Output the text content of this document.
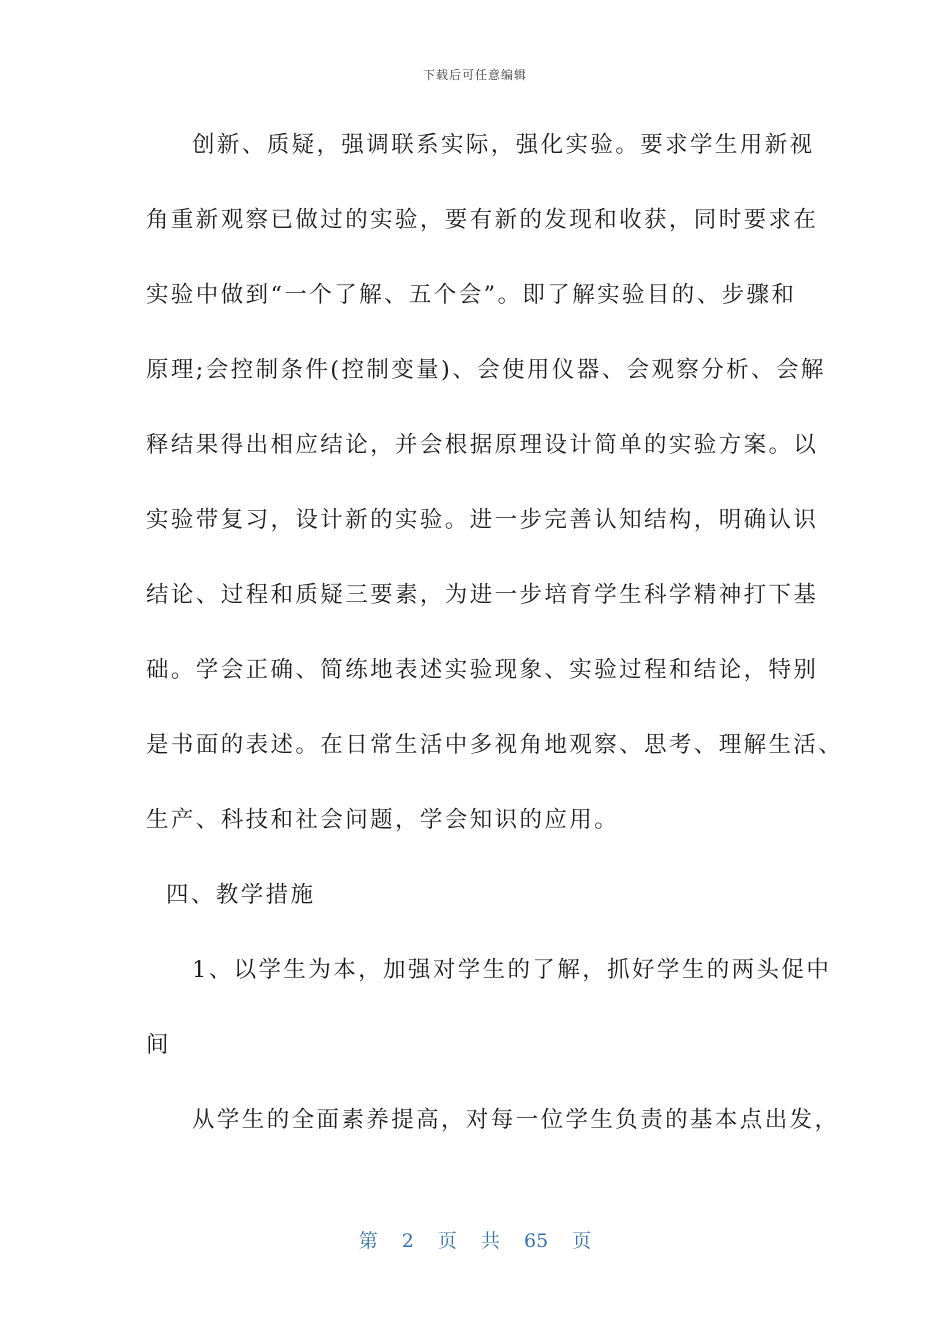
下载后可任意编辑
创新、质疑，强调联系实际，强化实验。要求学生用新视
角重新观察已做过的实验，要有新的发现和收获，同时要求在
实验中做到“一个了解、五个会”。即了解实验目的、步骤和
原理;会控制条件(控制变量)、会使用仪器、会观察分析、会解
释结果得出相应结论，并会根据原理设计简单的实验方案。以
实验带复习，设计新的实验。进一步完善认知结构，明确认识
结论、过程和质疑三要素，为进一步培育学生科学精神打下基
础。学会正确、简练地表述实验现象、实验过程和结论，特别
是书面的表述。在日常生活中多视角地观察、思考、理解生活、
生产、科技和社会问题，学会知识的应用。
四、教学措施
1、以学生为本，加强对学生的了解，抓好学生的两头促中
间
从学生的全面素养提高，对每一位学生负责的基本点出发，
第 2 页 共 65 页
